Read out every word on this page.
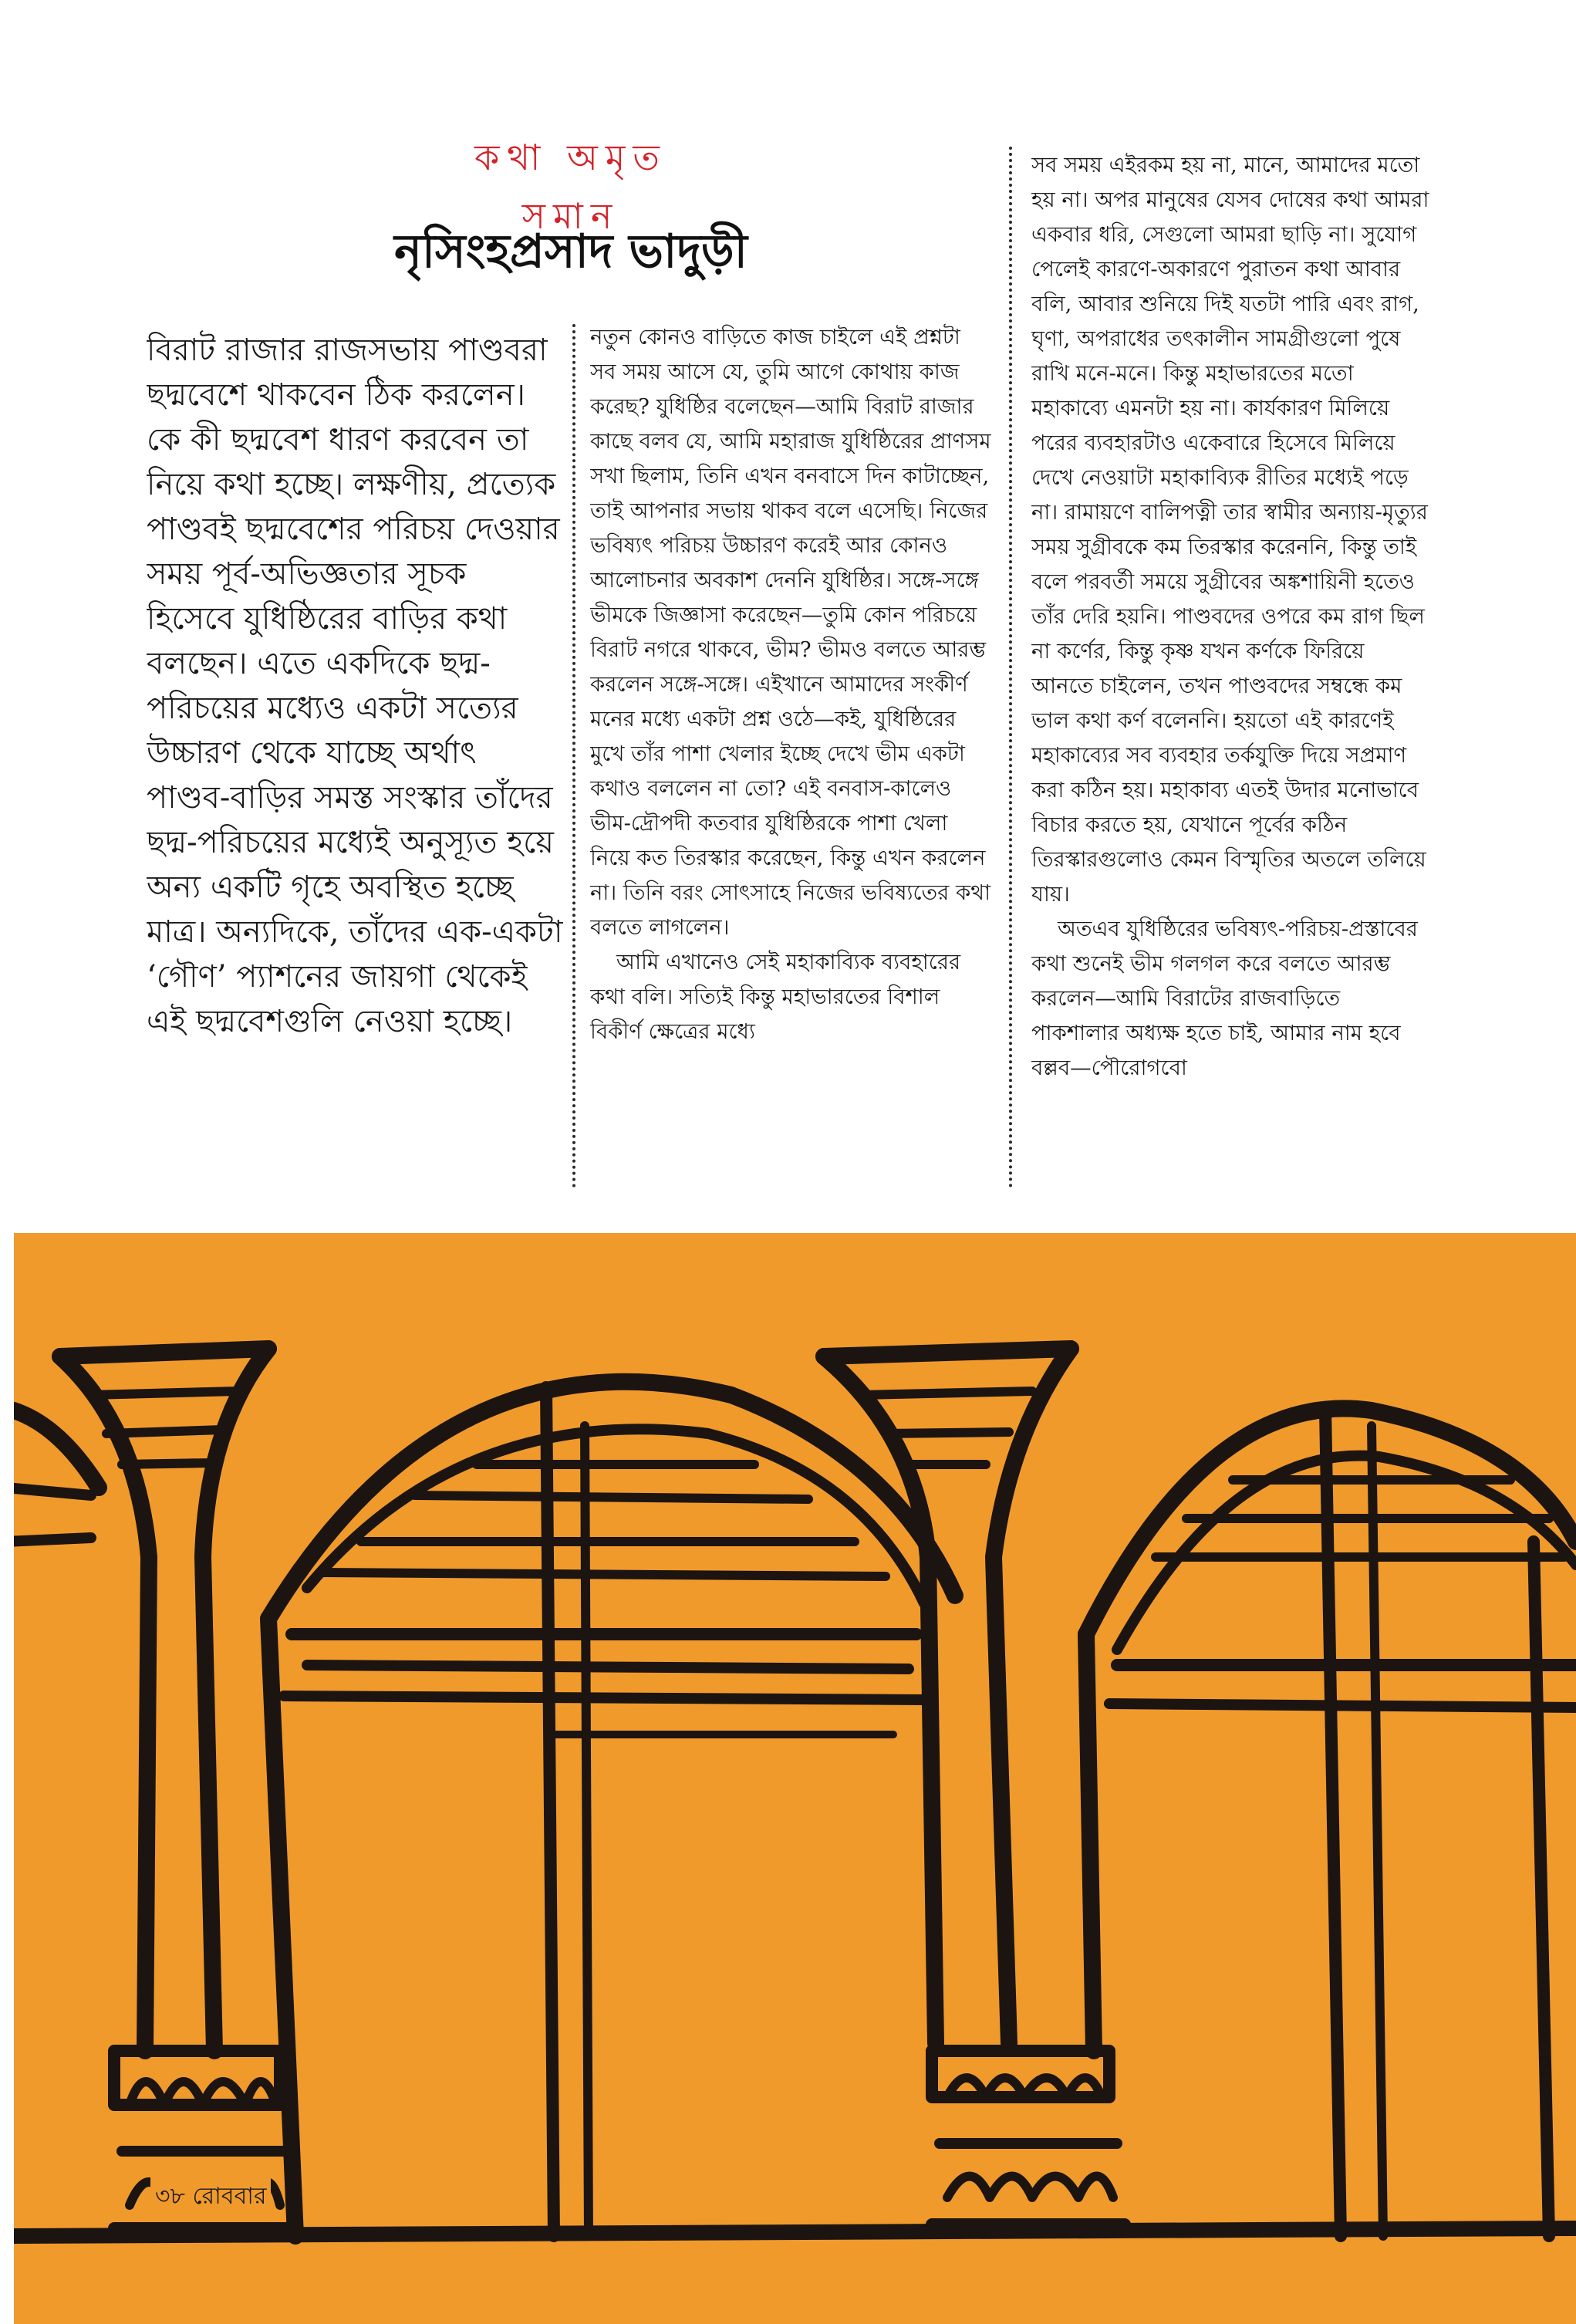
কথা অমৃত সমান
নৃসিংহপ্রসাদ ভাদুড়ী
বিরাট রাজার রাজসভায় পাণ্ডবরা ছদ্মবেশে থাকবেন ঠিক করলেন। কে কী ছদ্মবেশ ধারণ করবেন তা নিয়ে কথা হচ্ছে। লক্ষণীয়, প্রত্যেক পাণ্ডবই ছদ্মবেশের পরিচয় দেওয়ার সময় পূর্ব-অভিজ্ঞতার সূচক হিসেবে যুধিষ্ঠিরের বাড়ির কথা বলছেন। এতে একদিকে ছদ্ম-পরিচয়ের মধ্যেও একটা সত্যের উচ্চারণ থেকে যাচ্ছে অর্থাৎ পাণ্ডব-বাড়ির সমস্ত সংস্কার তাঁদের ছদ্ম-পরিচয়ের মধ্যেই অনুস্যূত হয়ে অন্য একটি গৃহে অবস্থিত হচ্ছে মাত্র। অন্যদিকে, তাঁদের এক-একটা ‘গৌণ’ প্যাশনের জায়গা থেকেই এই ছদ্মবেশগুলি নেওয়া হচ্ছে।

নতুন কোনও বাড়িতে কাজ চাইলে এই প্রশ্নটা সব সময় আসে যে, তুমি আগে কোথায় কাজ করেছ? যুধিষ্ঠির বলেছেন—আমি বিরাট রাজার কাছে বলব যে, আমি মহারাজ যুধিষ্ঠিরের প্রাণসম সখা ছিলাম, তিনি এখন বনবাসে দিন কাটাচ্ছেন, তাই আপনার সভায় থাকব বলে এসেছি। নিজের ভবিষ্যৎ পরিচয় উচ্চারণ করেই আর কোনও আলোচনার অবকাশ দেননি যুধিষ্ঠির। সঙ্গে-সঙ্গে ভীমকে জিজ্ঞাসা করেছেন—তুমি কোন পরিচয়ে বিরাট নগরে থাকবে, ভীম? ভীমও বলতে আরম্ভ করলেন সঙ্গে-সঙ্গে। এইখানে আমাদের সংকীর্ণ মনের মধ্যে একটা প্রশ্ন ওঠে—কই, যুধিষ্ঠিরের মুখে তাঁর পাশা খেলার ইচ্ছে দেখে ভীম একটা কথাও বললেন না তো? এই বনবাস-কালেও ভীম-দ্রৌপদী কতবার যুধিষ্ঠিরকে পাশা খেলা নিয়ে কত তিরস্কার করেছেন, কিন্তু এখন করলেন না। তিনি বরং সোৎসাহে নিজের ভবিষ্যতের কথা বলতে লাগলেন।

আমি এখানেও সেই মহাকাব্যিক ব্যবহারের কথা বলি। সত্যিই কিন্তু মহাভারতের বিশাল বিকীর্ণ ক্ষেত্রের মধ্যে

সব সময় এইরকম হয় না, মানে, আমাদের মতো হয় না। অপর মানুষের যেসব দোষের কথা আমরা একবার ধরি, সেগুলো আমরা ছাড়ি না। সুযোগ পেলেই কারণে-অকারণে পুরাতন কথা আবার বলি, আবার শুনিয়ে দিই যতটা পারি এবং রাগ, ঘৃণা, অপরাধের তৎকালীন সামগ্রীগুলো পুষে রাখি মনে-মনে। কিন্তু মহাভারতের মতো মহাকাব্যে এমনটা হয় না। কার্যকারণ মিলিয়ে পরের ব্যবহারটাও একেবারে হিসেবে মিলিয়ে দেখে নেওয়াটা মহাকাব্যিক রীতির মধ্যেই পড়ে না। রামায়ণে বালিপত্নী তার স্বামীর অন্যায়-মৃত্যুর সময় সুগ্রীবকে কম তিরস্কার করেননি, কিন্তু তাই বলে পরবর্তী সময়ে সুগ্রীবের অঙ্কশায়িনী হতেও তাঁর দেরি হয়নি। পাণ্ডবদের ওপরে কম রাগ ছিল না কর্ণের, কিন্তু কৃষ্ণ যখন কর্ণকে ফিরিয়ে আনতে চাইলেন, তখন পাণ্ডবদের সম্বন্ধে কম ভাল কথা কর্ণ বলেননি। হয়তো এই কারণেই মহাকাব্যের সব ব্যবহার তর্কযুক্তি দিয়ে সপ্রমাণ করা কঠিন হয়। মহাকাব্য এতই উদার মনোভাবে বিচার করতে হয়, যেখানে পূর্বের কঠিন তিরস্কারগুলোও কেমন বিস্মৃতির অতলে তলিয়ে যায়।

অতএব যুধিষ্ঠিরের ভবিষ্যৎ-পরিচয়-প্রস্তাবের কথা শুনেই ভীম গলগল করে বলতে আরম্ভ করলেন—আমি বিরাটের রাজবাড়িতে পাকশালার অধ্যক্ষ হতে চাই, আমার নাম হবে বল্লব—পৌরোগবো

৩৮ রোববার
